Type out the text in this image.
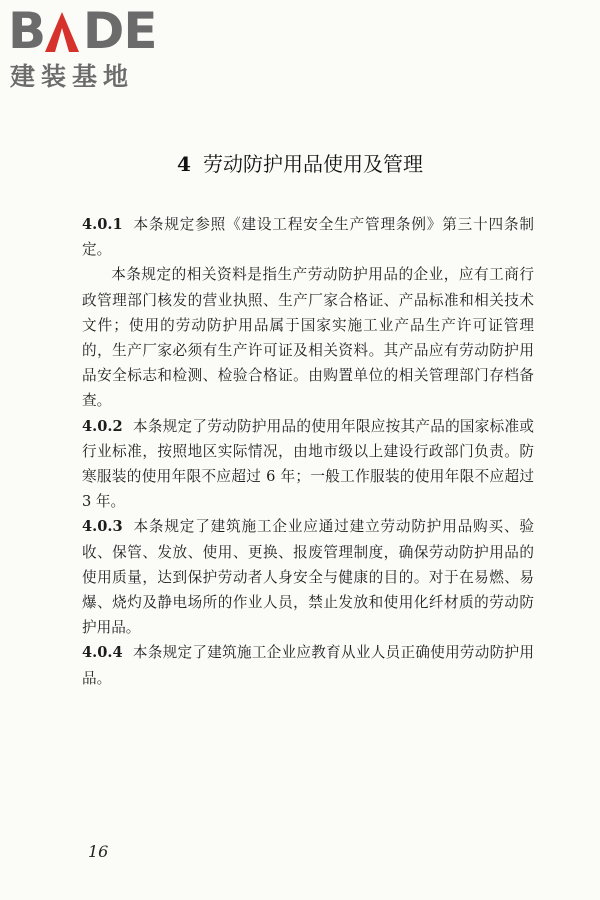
B DE
建装基地
4 劳动防护用品使用及管理

4.0.1 本条规定参照《建设工程安全生产管理条例》第三十四条制定。

本条规定的相关资料是指生产劳动防护用品的企业，应有工商行政管理部门核发的营业执照、生产厂家合格证、产品标准和相关技术文件；使用的劳动防护用品属于国家实施工业产品生产许可证管理的，生产厂家必须有生产许可证及相关资料。其产品应有劳动防护用品安全标志和检测、检验合格证。由购置单位的相关管理部门存档备查。

4.0.2 本条规定了劳动防护用品的使用年限应按其产品的国家标准或行业标准，按照地区实际情况，由地市级以上建设行政部门负责。防寒服装的使用年限不应超过 6 年；一般工作服装的使用年限不应超过 3 年。

4.0.3 本条规定了建筑施工企业应通过建立劳动防护用品购买、验收、保管、发放、使用、更换、报废管理制度，确保劳动防护用品的使用质量，达到保护劳动者人身安全与健康的目的。对于在易燃、易爆、烧灼及静电场所的作业人员，禁止发放和使用化纤材质的劳动防护用品。

4.0.4 本条规定了建筑施工企业应教育从业人员正确使用劳动防护用品。

16
